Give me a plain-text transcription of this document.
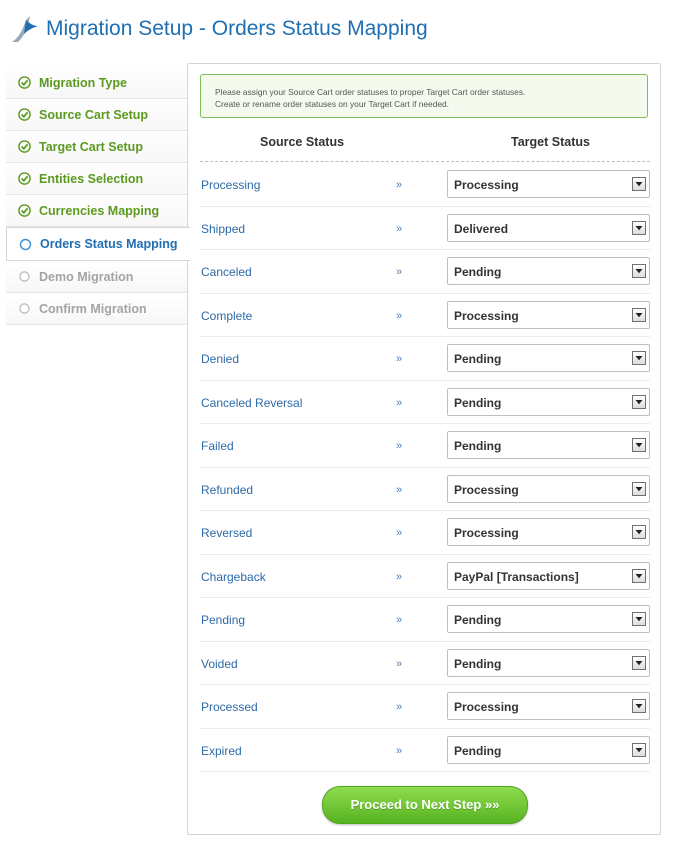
Migration Setup - Orders Status Mapping
Migration Type
Source Cart Setup
Target Cart Setup
Entities Selection
Currencies Mapping
Orders Status Mapping
Demo Migration
Confirm Migration
Please assign your Source Cart order statuses to proper Target Cart order statuses.
Create or rename order statuses on your Target Cart if needed.
Source Status	Target Status
Processing	»	Processing
Shipped	»	Delivered
Canceled	»	Pending
Complete	»	Processing
Denied	»	Pending
Canceled Reversal	»	Pending
Failed	»	Pending
Refunded	»	Processing
Reversed	»	Processing
Chargeback	»	PayPal [Transactions]
Pending	»	Pending
Voided	»	Pending
Processed	»	Processing
Expired	»	Pending
Proceed to Next Step »»
